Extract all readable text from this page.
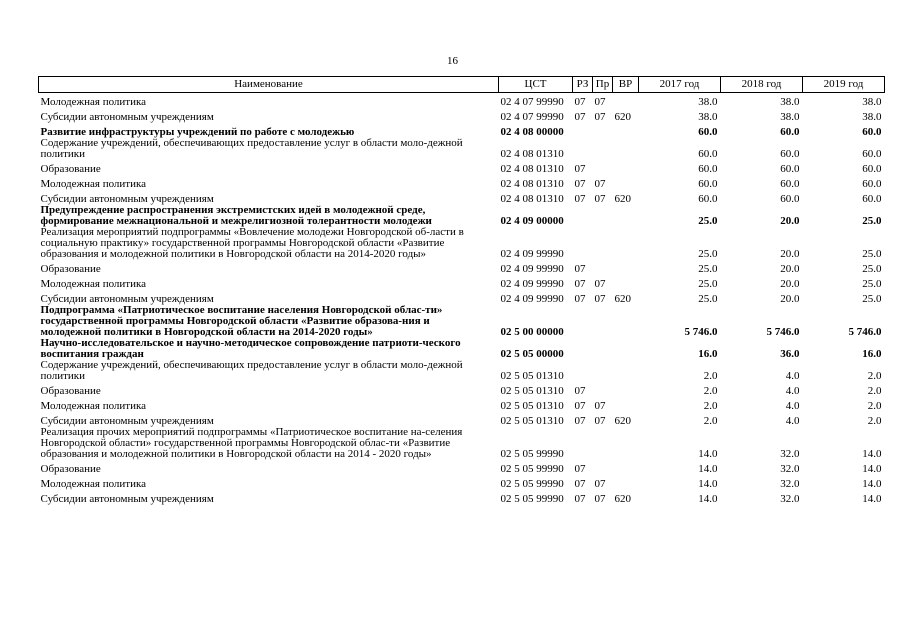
16
Наименование	ЦСТ	РЗ	Пр	ВР	2017 год	2018 год	2019 год
Молодежная политика	02 4 07 99990	07	07		38.0	38.0	38.0
Субсидии автономным учреждениям	02 4 07 99990	07	07	620	38.0	38.0	38.0
Развитие инфраструктуры учреждений по работе с молодежью	02 4 08 00000				60.0	60.0	60.0
Содержание учреждений, обеспечивающих предоставление услуг в области моло-дежной политики	02 4 08 01310				60.0	60.0	60.0
Образование	02 4 08 01310	07			60.0	60.0	60.0
Молодежная политика	02 4 08 01310	07	07		60.0	60.0	60.0
Субсидии автономным учреждениям	02 4 08 01310	07	07	620	60.0	60.0	60.0
Предупреждение распространения экстремистских идей в молодежной среде, формирование межнациональной и межрелигиозной толерантности молодежи	02 4 09 00000				25.0	20.0	25.0
Реализация мероприятий подпрограммы «Вовлечение молодежи Новгородской об-ласти в социальную практику» государственной программы Новгородской области «Развитие образования и молодежной политики в Новгородской области на 2014-2020 годы»	02 4 09 99990				25.0	20.0	25.0
Образование	02 4 09 99990	07			25.0	20.0	25.0
Молодежная политика	02 4 09 99990	07	07		25.0	20.0	25.0
Субсидии автономным учреждениям	02 4 09 99990	07	07	620	25.0	20.0	25.0
Подпрограмма «Патриотическое воспитание населения Новгородской облас-ти» государственной программы Новгородской области «Развитие образова-ния и молодежной политики в Новгородской области на 2014-2020 годы»	02 5 00 00000				5 746.0	5 746.0	5 746.0
Научно-исследовательское и научно-методическое сопровождение патриоти-ческого воспитания граждан	02 5 05 00000				16.0	36.0	16.0
Содержание учреждений, обеспечивающих предоставление услуг в области моло-дежной политики	02 5 05 01310				2.0	4.0	2.0
Образование	02 5 05 01310	07			2.0	4.0	2.0
Молодежная политика	02 5 05 01310	07	07		2.0	4.0	2.0
Субсидии автономным учреждениям	02 5 05 01310	07	07	620	2.0	4.0	2.0
Реализация прочих мероприятий подпрограммы «Патриотическое воспитание на-селения Новгородской области» государственной программы Новгородской облас-ти «Развитие образования и молодежной политики в Новгородской области на 2014 - 2020 годы»	02 5 05 99990				14.0	32.0	14.0
Образование	02 5 05 99990	07			14.0	32.0	14.0
Молодежная политика	02 5 05 99990	07	07		14.0	32.0	14.0
Субсидии автономным учреждениям	02 5 05 99990	07	07	620	14.0	32.0	14.0
